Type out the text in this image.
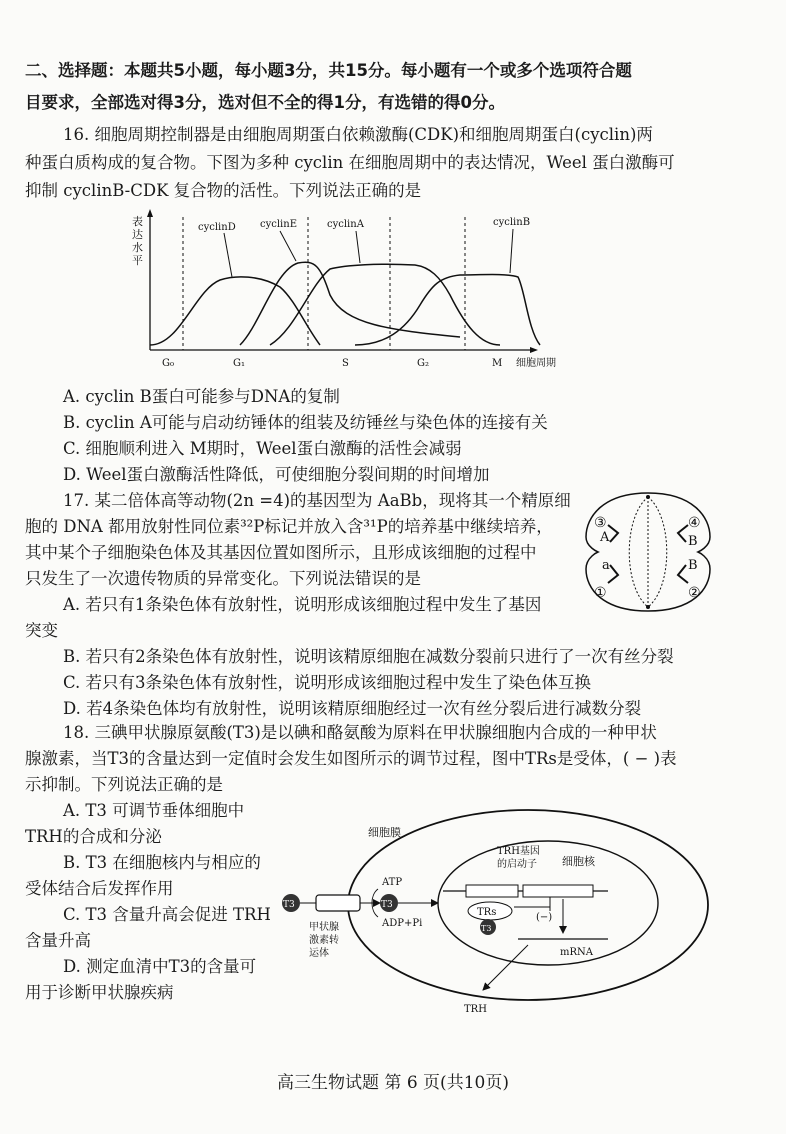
二、选择题：本题共5小题，每小题3分，共15分。每小题有一个或多个选项符合题
目要求，全部选对得3分，选对但不全的得1分，有选错的得0分。
16. 细胞周期控制器是由细胞周期蛋白依赖激酶(CDK)和细胞周期蛋白(cyclin)两
种蛋白质构成的复合物。下图为多种 cyclin 在细胞周期中的表达情况，Weel 蛋白激酶可
抑制 cyclinB-CDK 复合物的活性。下列说法正确的是
表
达
水
平
cyclinD cyclinE	cyclinA	cyclinB
G₀	G₁	S	G₂	M 细胞周期
A. cyclin B蛋白可能参与DNA的复制
B. cyclin A可能与启动纺锤体的组装及纺锤丝与染色体的连接有关
C. 细胞顺利进入 M期时，Weel蛋白激酶的活性会减弱
D. Weel蛋白激酶活性降低，可使细胞分裂间期的时间增加
17. 某二倍体高等动物(2n =4)的基因型为 AaBb，现将其一个精原细
胞的 DNA 都用放射性同位素³²P标记并放入含³¹P的培养基中继续培养，
其中某个子细胞染色体及其基因位置如图所示，且形成该细胞的过程中
只发生了一次遗传物质的异常变化。下列说法错误的是
A. 若只有1条染色体有放射性，说明形成该细胞过程中发生了基因
突变
B. 若只有2条染色体有放射性，说明该精原细胞在减数分裂前只进行了一次有丝分裂
C. 若只有3条染色体有放射性，说明形成该细胞过程中发生了染色体互换
D. 若4条染色体均有放射性，说明该精原细胞经过一次有丝分裂后进行减数分裂
③	④
①	②
A	B
a	B
18. 三碘甲状腺原氨酸(T3)是以碘和酪氨酸为原料在甲状腺细胞内合成的一种甲状
腺激素，当T3的含量达到一定值时会发生如图所示的调节过程，图中TRs是受体，( − )表
示抑制。下列说法正确的是
A. T3 可调节垂体细胞中
TRH的合成和分泌
B. T3 在细胞核内与相应的
受体结合后发挥作用
C. T3 含量升高会促进 TRH
含量升高
D. 测定血清中T3的含量可
用于诊断甲状腺疾病
细胞膜
TRH基因
的启动子 细胞核
T3
甲状腺
激素转
运体
T3
ATP
ADP+Pi
TRs
T3
(−)
mRNA
TRH
高三生物试题 第 6 页(共10页)
